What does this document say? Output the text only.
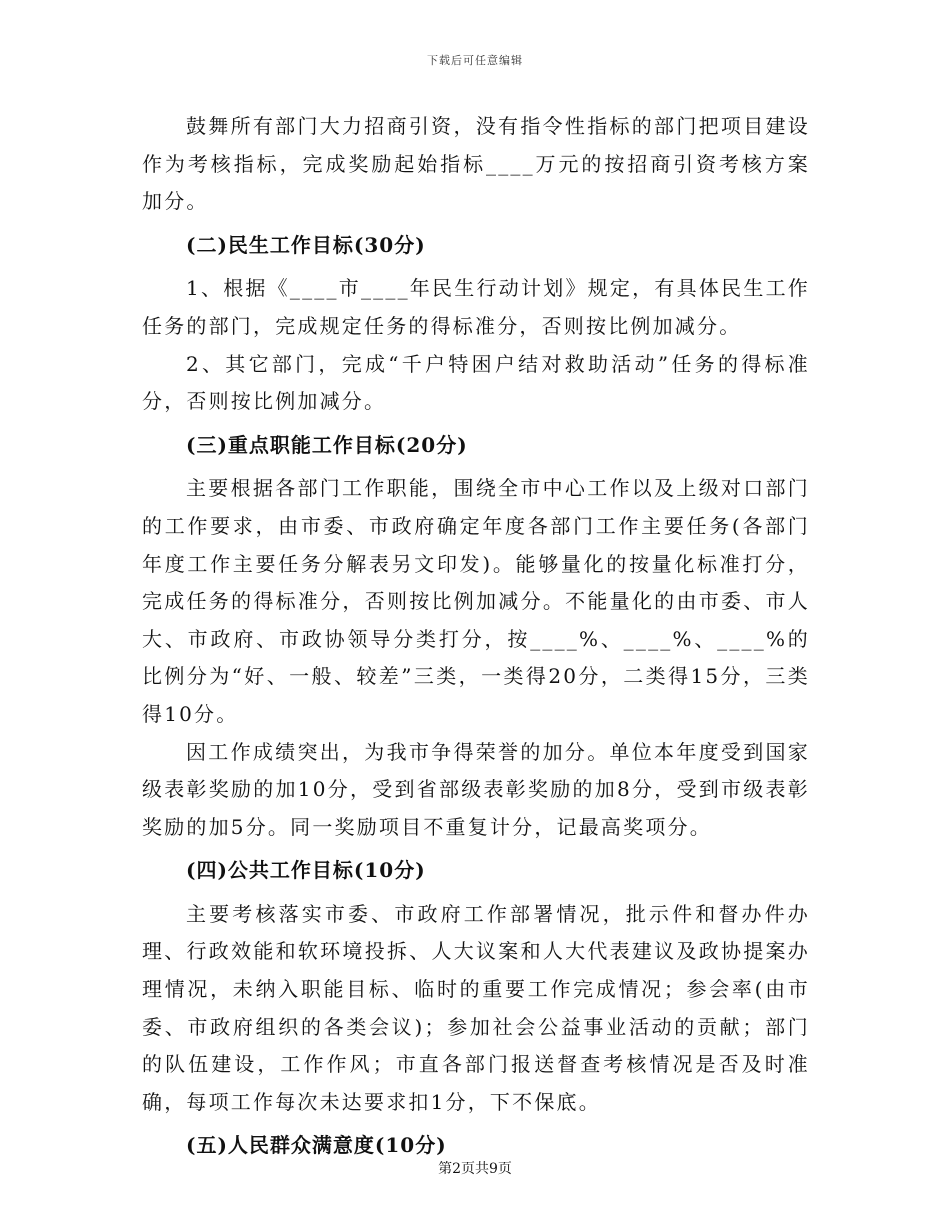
下载后可任意编辑

鼓舞所有部门大力招商引资，没有指令性指标的部门把项目建设作为考核指标，完成奖励起始指标____万元的按招商引资考核方案加分。

(二)民生工作目标(30分)

1、根据《____市____年民生行动计划》规定，有具体民生工作任务的部门，完成规定任务的得标准分，否则按比例加减分。

2、其它部门，完成“千户特困户结对救助活动”任务的得标准分，否则按比例加减分。

(三)重点职能工作目标(20分)

主要根据各部门工作职能，围绕全市中心工作以及上级对口部门的工作要求，由市委、市政府确定年度各部门工作主要任务(各部门年度工作主要任务分解表另文印发)。能够量化的按量化标准打分，完成任务的得标准分，否则按比例加减分。不能量化的由市委、市人大、市政府、市政协领导分类打分，按____%、____%、____%的比例分为“好、一般、较差”三类，一类得20分，二类得15分，三类得10分。

因工作成绩突出，为我市争得荣誉的加分。单位本年度受到国家级表彰奖励的加10分，受到省部级表彰奖励的加8分，受到市级表彰奖励的加5分。同一奖励项目不重复计分，记最高奖项分。

(四)公共工作目标(10分)

主要考核落实市委、市政府工作部署情况，批示件和督办件办理、行政效能和软环境投拆、人大议案和人大代表建议及政协提案办理情况，未纳入职能目标、临时的重要工作完成情况；参会率(由市委、市政府组织的各类会议)；参加社会公益事业活动的贡献；部门的队伍建设，工作作风；市直各部门报送督查考核情况是否及时准确，每项工作每次未达要求扣1分，下不保底。

(五)人民群众满意度(10分)

第2页共9页
